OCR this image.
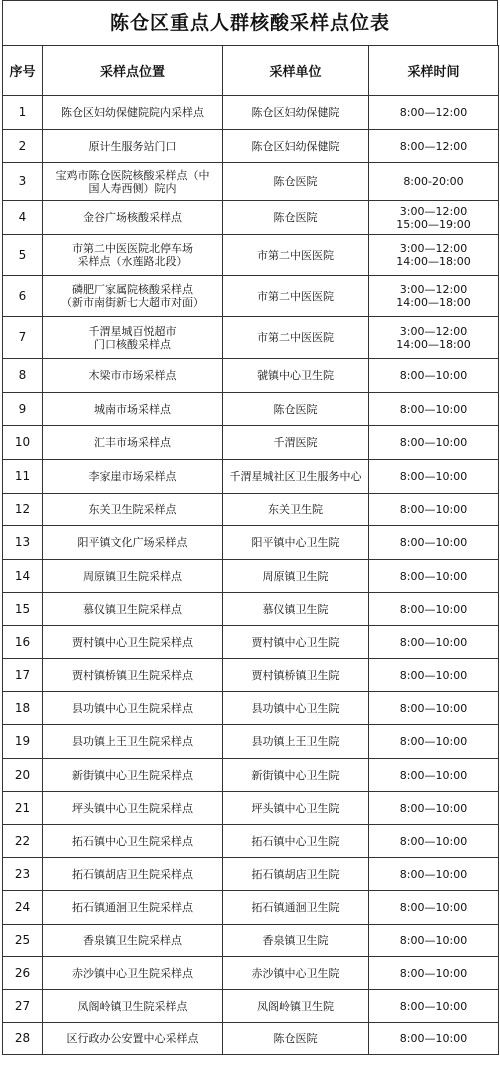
陈仓区重点人群核酸采样点位表
序号	采样点位置	采样单位	采样时间
1	陈仓区妇幼保健院院内采样点	陈仓区妇幼保健院	8:00—12:00

2	原计生服务站门口	陈仓区妇幼保健院	8:00—12:00

3	宝鸡市陈仓医院核酸采样点（中
国人寿西侧）院内	陈仓医院	8:00-20:00

4	金谷广场核酸采样点	陈仓医院	3:00—12:00
15:00—19:00

5	市第二中医医院北停车场
采样点（水莲路北段）	市第二中医医院	3:00—12:00
14:00—18:00

6	磷肥厂家属院核酸采样点
（新市南街新七大超市对面）	市第二中医医院	3:00—12:00
14:00—18:00

7	千渭星城百悦超市
门口核酸采样点	市第二中医医院	3:00—12:00
14:00—18:00

8	木梁市市场采样点	虢镇中心卫生院	8:00—10:00

9	城南市场采样点	陈仓医院	8:00—10:00

10	汇丰市场采样点	千渭医院	8:00—10:00

11	李家崖市场采样点	千渭星城社区卫生服务中心	8:00—10:00

12	东关卫生院采样点	东关卫生院	8:00—10:00

13	阳平镇文化广场采样点	阳平镇中心卫生院	8:00—10:00

14	周原镇卫生院采样点	周原镇卫生院	8:00—10:00

15	慕仪镇卫生院采样点	慕仪镇卫生院	8:00—10:00

16	贾村镇中心卫生院采样点	贾村镇中心卫生院	8:00—10:00

17	贾村镇桥镇卫生院采样点	贾村镇桥镇卫生院	8:00—10:00

18	县功镇中心卫生院采样点	县功镇中心卫生院	8:00—10:00

19	县功镇上王卫生院采样点	县功镇上王卫生院	8:00—10:00

20	新街镇中心卫生院采样点	新街镇中心卫生院	8:00—10:00

21	坪头镇中心卫生院采样点	坪头镇中心卫生院	8:00—10:00

22	拓石镇中心卫生院采样点	拓石镇中心卫生院	8:00—10:00

23	拓石镇胡店卫生院采样点	拓石镇胡店卫生院	8:00—10:00

24	拓石镇通洄卫生院采样点	拓石镇通洄卫生院	8:00—10:00

25	香泉镇卫生院采样点	香泉镇卫生院	8:00—10:00

26	赤沙镇中心卫生院采样点	赤沙镇中心卫生院	8:00—10:00

27	凤阁岭镇卫生院采样点	凤阁岭镇卫生院	8:00—10:00

28	区行政办公安置中心采样点	陈仓医院	8:00—10:00
